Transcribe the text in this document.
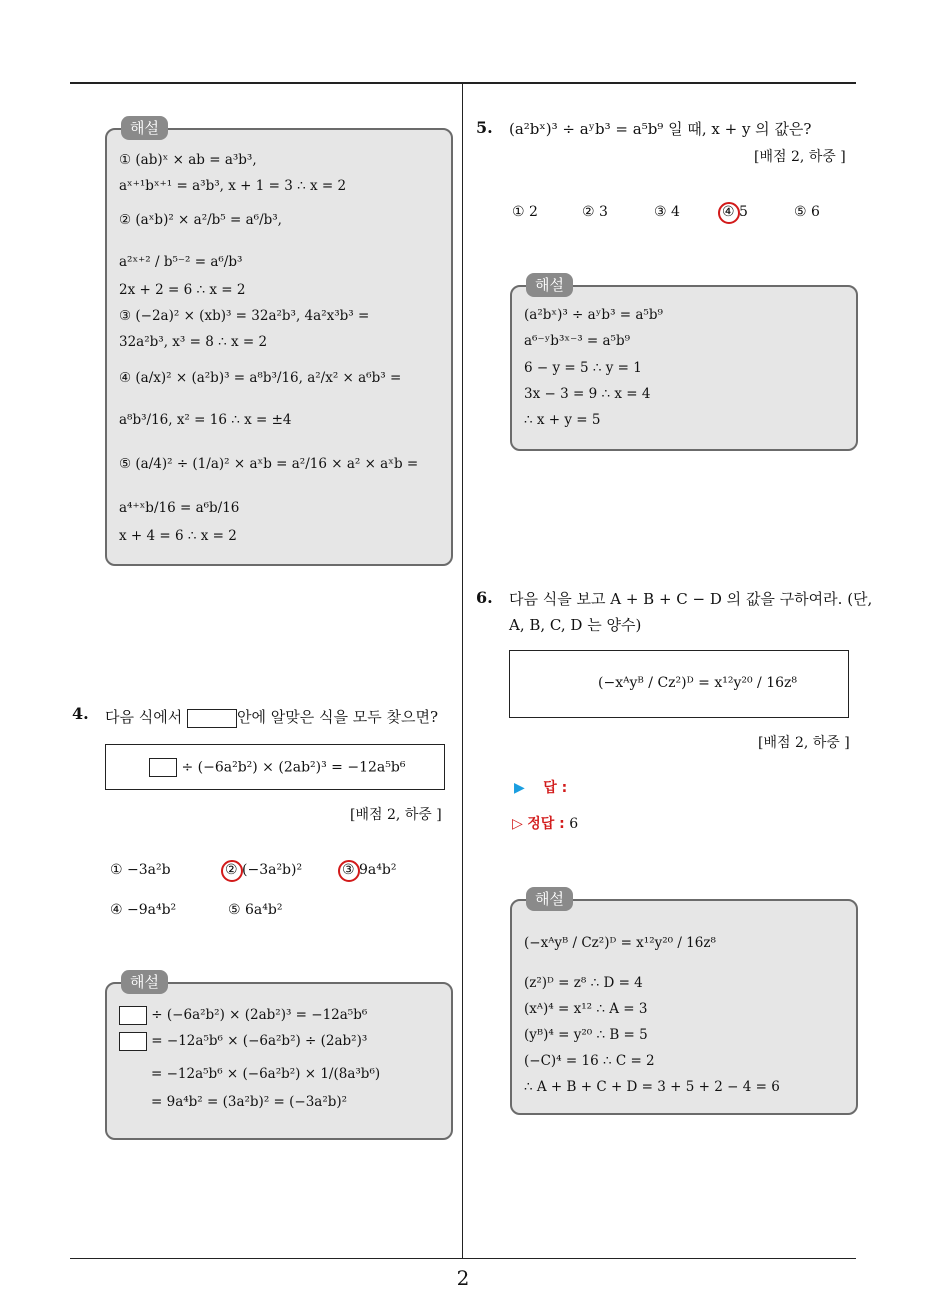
해설
① (ab)ˣ × ab = a³b³,
aˣ⁺¹bˣ⁺¹ = a³b³, x + 1 = 3 ∴ x = 2
② (aˣb)² × a²/b⁵ = a⁶/b³,
a²ˣ⁺² / b⁵⁻² = a⁶/b³
2x + 2 = 6 ∴ x = 2
③ (−2a)² × (xb)³ = 32a²b³, 4a²x³b³ =
32a²b³, x³ = 8 ∴ x = 2
④ (a/x)² × (a²b)³ = a⁸b³/16, a²/x² × a⁶b³ =
a⁸b³/16, x² = 16 ∴ x = ±4
⑤ (a/4)² ÷ (1/a)² × aˣb = a²/16 × a² × aˣb =
a⁴⁺ˣb/16 = a⁶b/16
x + 4 = 6 ∴ x = 2
4. 다음 식에서	안에 알맞은 식을 모두 찾으면?
÷ (−6a²b²) × (2ab²)³ = −12a⁵b⁶
[배점 2, 하중 ]
① −3a²b	② (−3a²b)²	③ 9a⁴b²
④ −9a⁴b²	⑤ 6a⁴b²
해설
÷ (−6a²b²) × (2ab²)³ = −12a⁵b⁶
= −12a⁵b⁶ × (−6a²b²) ÷ (2ab²)³
= −12a⁵b⁶ × (−6a²b²) × 1/(8a³b⁶)
= 9a⁴b² = (3a²b)² = (−3a²b)²
5. (a²bˣ)³ ÷ aʸb³ = a⁵b⁹ 일 때, x + y 의 값은?
[배점 2, 하중 ]
① 2	② 3	③ 4	④ 5	⑤ 6
해설
(a²bˣ)³ ÷ aʸb³ = a⁵b⁹
a⁶⁻ʸb³ˣ⁻³ = a⁵b⁹
6 − y = 5 ∴ y = 1
3x − 3 = 9 ∴ x = 4
∴ x + y = 5
6. 다음 식을 보고 A + B + C − D 의 값을 구하여라. (단,
A, B, C, D 는 양수)
(−xᴬyᴮ / Cz²)ᴰ = x¹²y²⁰ / 16z⁸
[배점 2, 하중 ]
▶ 답 :
▷ 정답 : 6
해설
(−xᴬyᴮ / Cz²)ᴰ = x¹²y²⁰ / 16z⁸
(z²)ᴰ = z⁸ ∴ D = 4
(xᴬ)⁴ = x¹² ∴ A = 3
(yᴮ)⁴ = y²⁰ ∴ B = 5
(−C)⁴ = 16 ∴ C = 2
∴ A + B + C + D = 3 + 5 + 2 − 4 = 6
2
